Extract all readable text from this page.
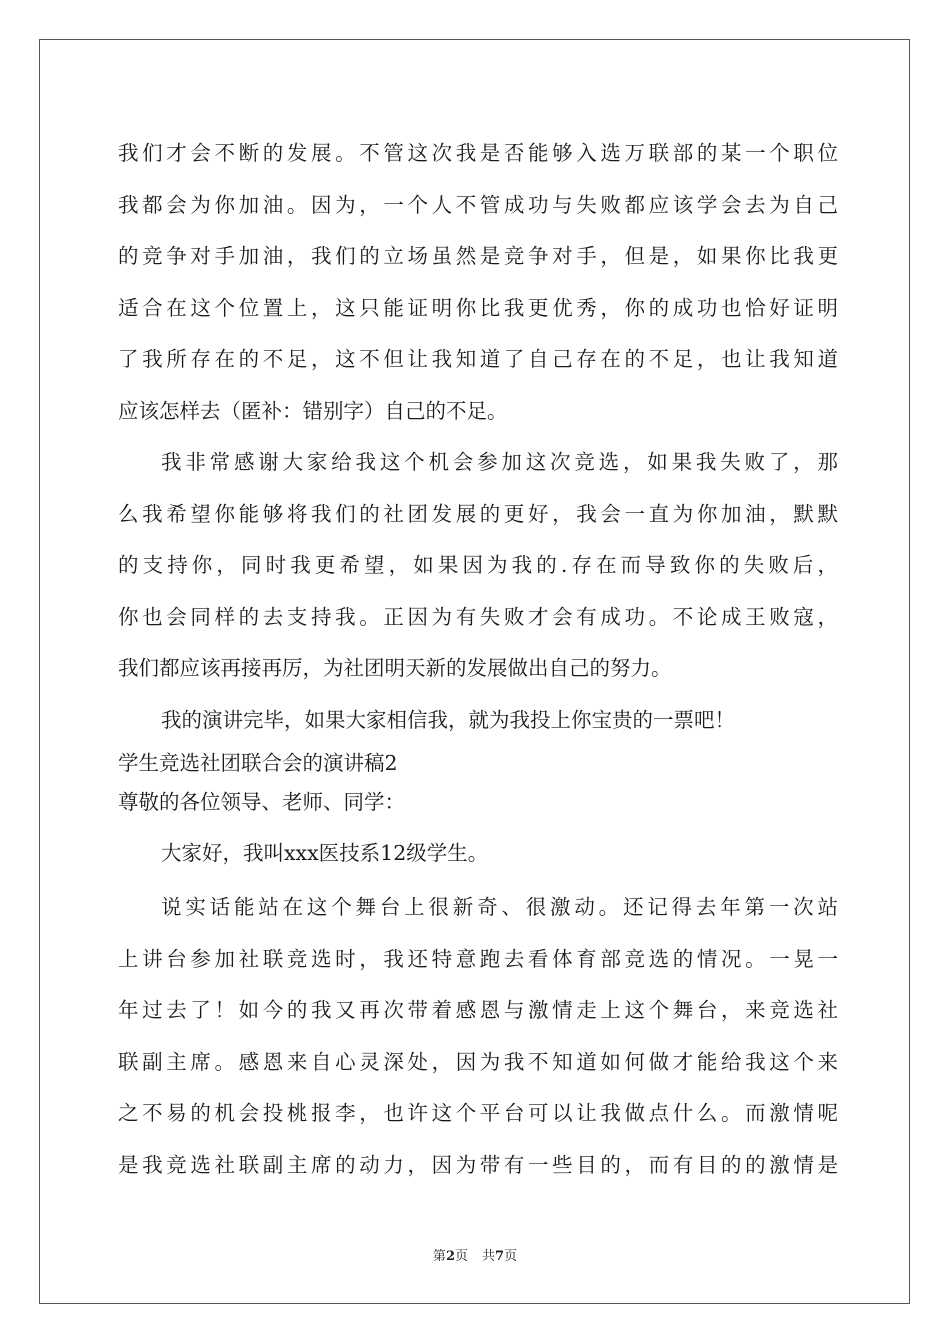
我们才会不断的发展。不管这次我是否能够入选万联部的某一个职位
我都会为你加油。因为，一个人不管成功与失败都应该学会去为自己
的竞争对手加油，我们的立场虽然是竞争对手，但是，如果你比我更
适合在这个位置上，这只能证明你比我更优秀，你的成功也恰好证明
了我所存在的不足，这不但让我知道了自己存在的不足，也让我知道
应该怎样去（匿补：错别字）自己的不足。
我非常感谢大家给我这个机会参加这次竞选，如果我失败了，那
么我希望你能够将我们的社团发展的更好，我会一直为你加油，默默
的支持你，同时我更希望，如果因为我的.存在而导致你的失败后，
你也会同样的去支持我。正因为有失败才会有成功。不论成王败寇，
我们都应该再接再厉，为社团明天新的发展做出自己的努力。
我的演讲完毕，如果大家相信我，就为我投上你宝贵的一票吧！
学生竞选社团联合会的演讲稿2
尊敬的各位领导、老师、同学：
大家好，我叫xxx医技系12级学生。
说实话能站在这个舞台上很新奇、很激动。还记得去年第一次站
上讲台参加社联竞选时，我还特意跑去看体育部竞选的情况。一晃一
年过去了！如今的我又再次带着感恩与激情走上这个舞台，来竞选社
联副主席。感恩来自心灵深处，因为我不知道如何做才能给我这个来
之不易的机会投桃报李，也许这个平台可以让我做点什么。而激情呢
是我竞选社联副主席的动力，因为带有一些目的，而有目的的激情是
第2页 共7页
